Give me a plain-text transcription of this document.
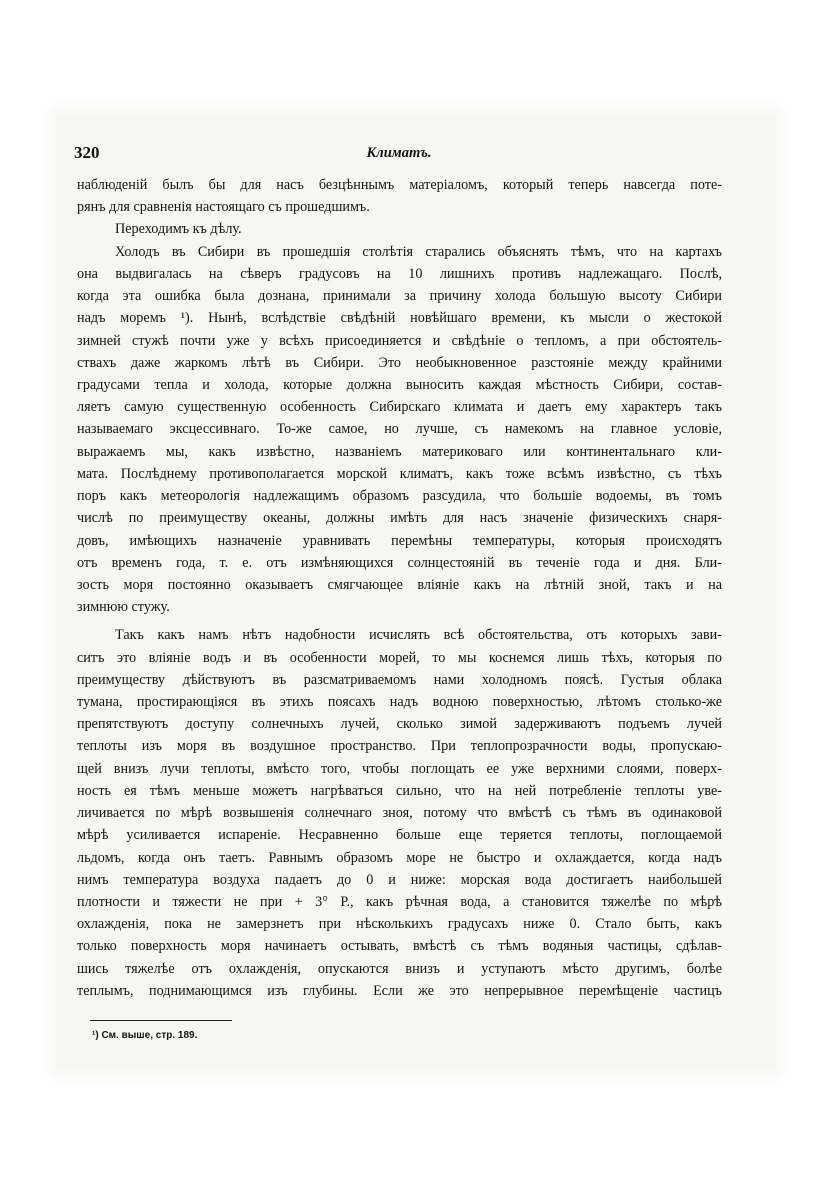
320	Климатъ.
наблюденій былъ бы для насъ безцѣннымъ матеріаломъ, который теперь навсегда поте-
рянъ для сравненія настоящаго съ прошедшимъ.
Переходимъ къ дѣлу.
Холодъ въ Сибири въ прошедшія столѣтія старались объяснять тѣмъ, что на картахъ
она выдвигалась на сѣверъ градусовъ на 10 лишнихъ противъ надлежащаго. Послѣ,
когда эта ошибка была дознана, принимали за причину холода большую высоту Сибири
надъ моремъ ¹). Нынѣ, вслѣдствіе свѣдѣній новѣйшаго времени, къ мысли о жестокой
зимней стужѣ почти уже у всѣхъ присоединяется и свѣдѣніе о тепломъ, а при обстоятель-
ствахъ даже жаркомъ лѣтѣ въ Сибири. Это необыкновенное разстояніе между крайними
градусами тепла и холода, которые должна выносить каждая мѣстность Сибири, состав-
ляетъ самую существенную особенность Сибирскаго климата и даетъ ему характеръ такъ
называемаго эксцессивнаго. То-же самое, но лучше, съ намекомъ на главное условіе,
выражаемъ мы, какъ извѣстно, названіемъ материковаго или континентальнаго кли-
мата. Послѣднему противополагается морской климатъ, какъ тоже всѣмъ извѣстно, съ тѣхъ
поръ какъ метеорологія надлежащимъ образомъ разсудила, что большіе водоемы, въ томъ
числѣ по преимуществу океаны, должны имѣть для насъ значеніе физическихъ снаря-
довъ, имѣющихъ назначеніе уравнивать перемѣны температуры, которыя происходятъ
отъ временъ года, т. е. отъ измѣняющихся солнцестояній въ теченіе года и дня. Бли-
зость моря постоянно оказываетъ смягчающее вліяніе какъ на лѣтній зной, такъ и на
зимнюю стужу.
Такъ какъ намъ нѣтъ надобности исчислять всѣ обстоятельства, отъ которыхъ зави-
ситъ это вліяніе водъ и въ особенности морей, то мы коснемся лишь тѣхъ, которыя по
преимуществу дѣйствуютъ въ разсматриваемомъ нами холодномъ поясѣ. Густыя облака
тумана, простирающіяся въ этихъ поясахъ надъ водною поверхностью, лѣтомъ столько-же
препятствуютъ доступу солнечныхъ лучей, сколько зимой задерживаютъ подъемъ лучей
теплоты изъ моря въ воздушное пространство. При теплопрозрачности воды, пропускаю-
щей внизъ лучи теплоты, вмѣсто того, чтобы поглощать ее уже верхними слоями, поверх-
ность ея тѣмъ меньше можетъ нагрѣваться сильно, что на ней потребленіе теплоты уве-
личивается по мѣрѣ возвышенія солнечнаго зноя, потому что вмѣстѣ съ тѣмъ въ одинаковой
мѣрѣ усиливается испареніе. Несравненно больше еще теряется теплоты, поглощаемой
льдомъ, когда онъ таетъ. Равнымъ образомъ море не быстро и охлаждается, когда надъ
нимъ температура воздуха падаетъ до 0 и ниже: морская вода достигаетъ наибольшей
плотности и тяжести не при + 3° Р., какъ рѣчная вода, а становится тяжелѣе по мѣрѣ
охлажденія, пока не замерзнетъ при нѣсколькихъ градусахъ ниже 0. Стало быть, какъ
только поверхность моря начинаетъ остывать, вмѣстѣ съ тѣмъ водяныя частицы, сдѣлав-
шись тяжелѣе отъ охлажденія, опускаются внизъ и уступаютъ мѣсто другимъ, болѣе
теплымъ, поднимающимся изъ глубины. Если же это непрерывное перемѣщеніе частицъ
¹) См. выше, стр. 189.
